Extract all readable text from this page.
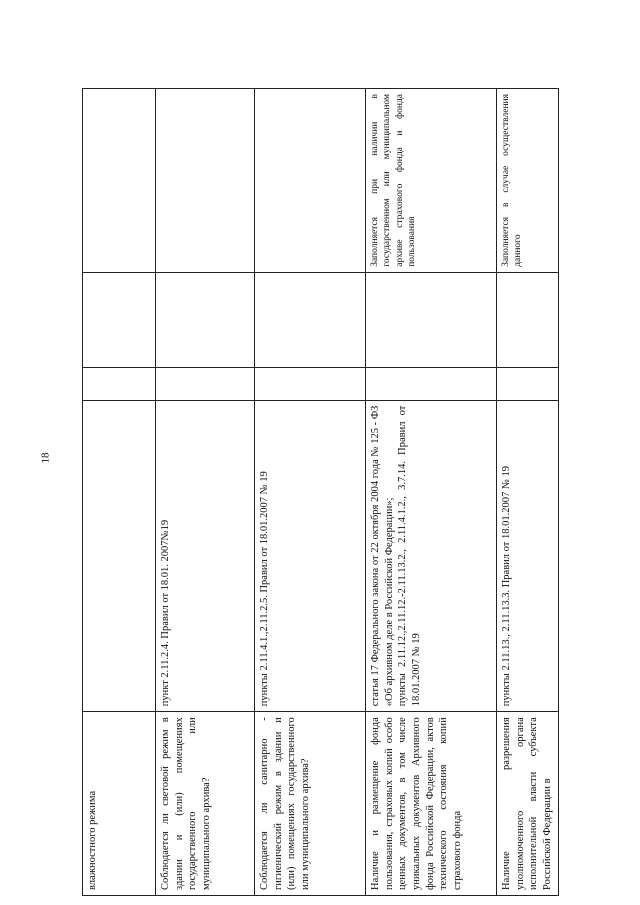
18
влажностного режима				
Соблюдается ли световой режим в здании и (или) помещениях государственного или муниципального архива?	пункт 2.11.2.4. Правил от 18.01. 2007№19			

Соблюдается ли санитарно - гигиенический режим в здании и (или) помещениях государственного или муниципального архива?	пункты 2.11.4.1.,2.11.2.5. Правил от 18.01.2007 № 19			

Наличие и размещение фонда пользования, страховых копий особо ценных документов, в том числе уникальных документов Архивного фонда Российской Федерации, актов технического состояния копий страхового фонда	статья 17 Федерального закона от 22 октября 2004 года № 125 - ФЗ «Об архивном деле в Российской Федерации»; пункты 2.11.12.,2.11.12.-2.11.13.2., 2.11.4.1.2., 3.7.14. Правил от 18.01.2007 № 19			Заполняется при наличии в государственном или муниципальном архиве страхового фонда и фонда пользования
Наличие разрешения уполномоченного органа исполнительной власти субъекта Российской Федерации в	пункты 2.11.13., 2.11.13.3. Правил от 18.01.2007 № 19			Заполняется в случае осуществления данного
